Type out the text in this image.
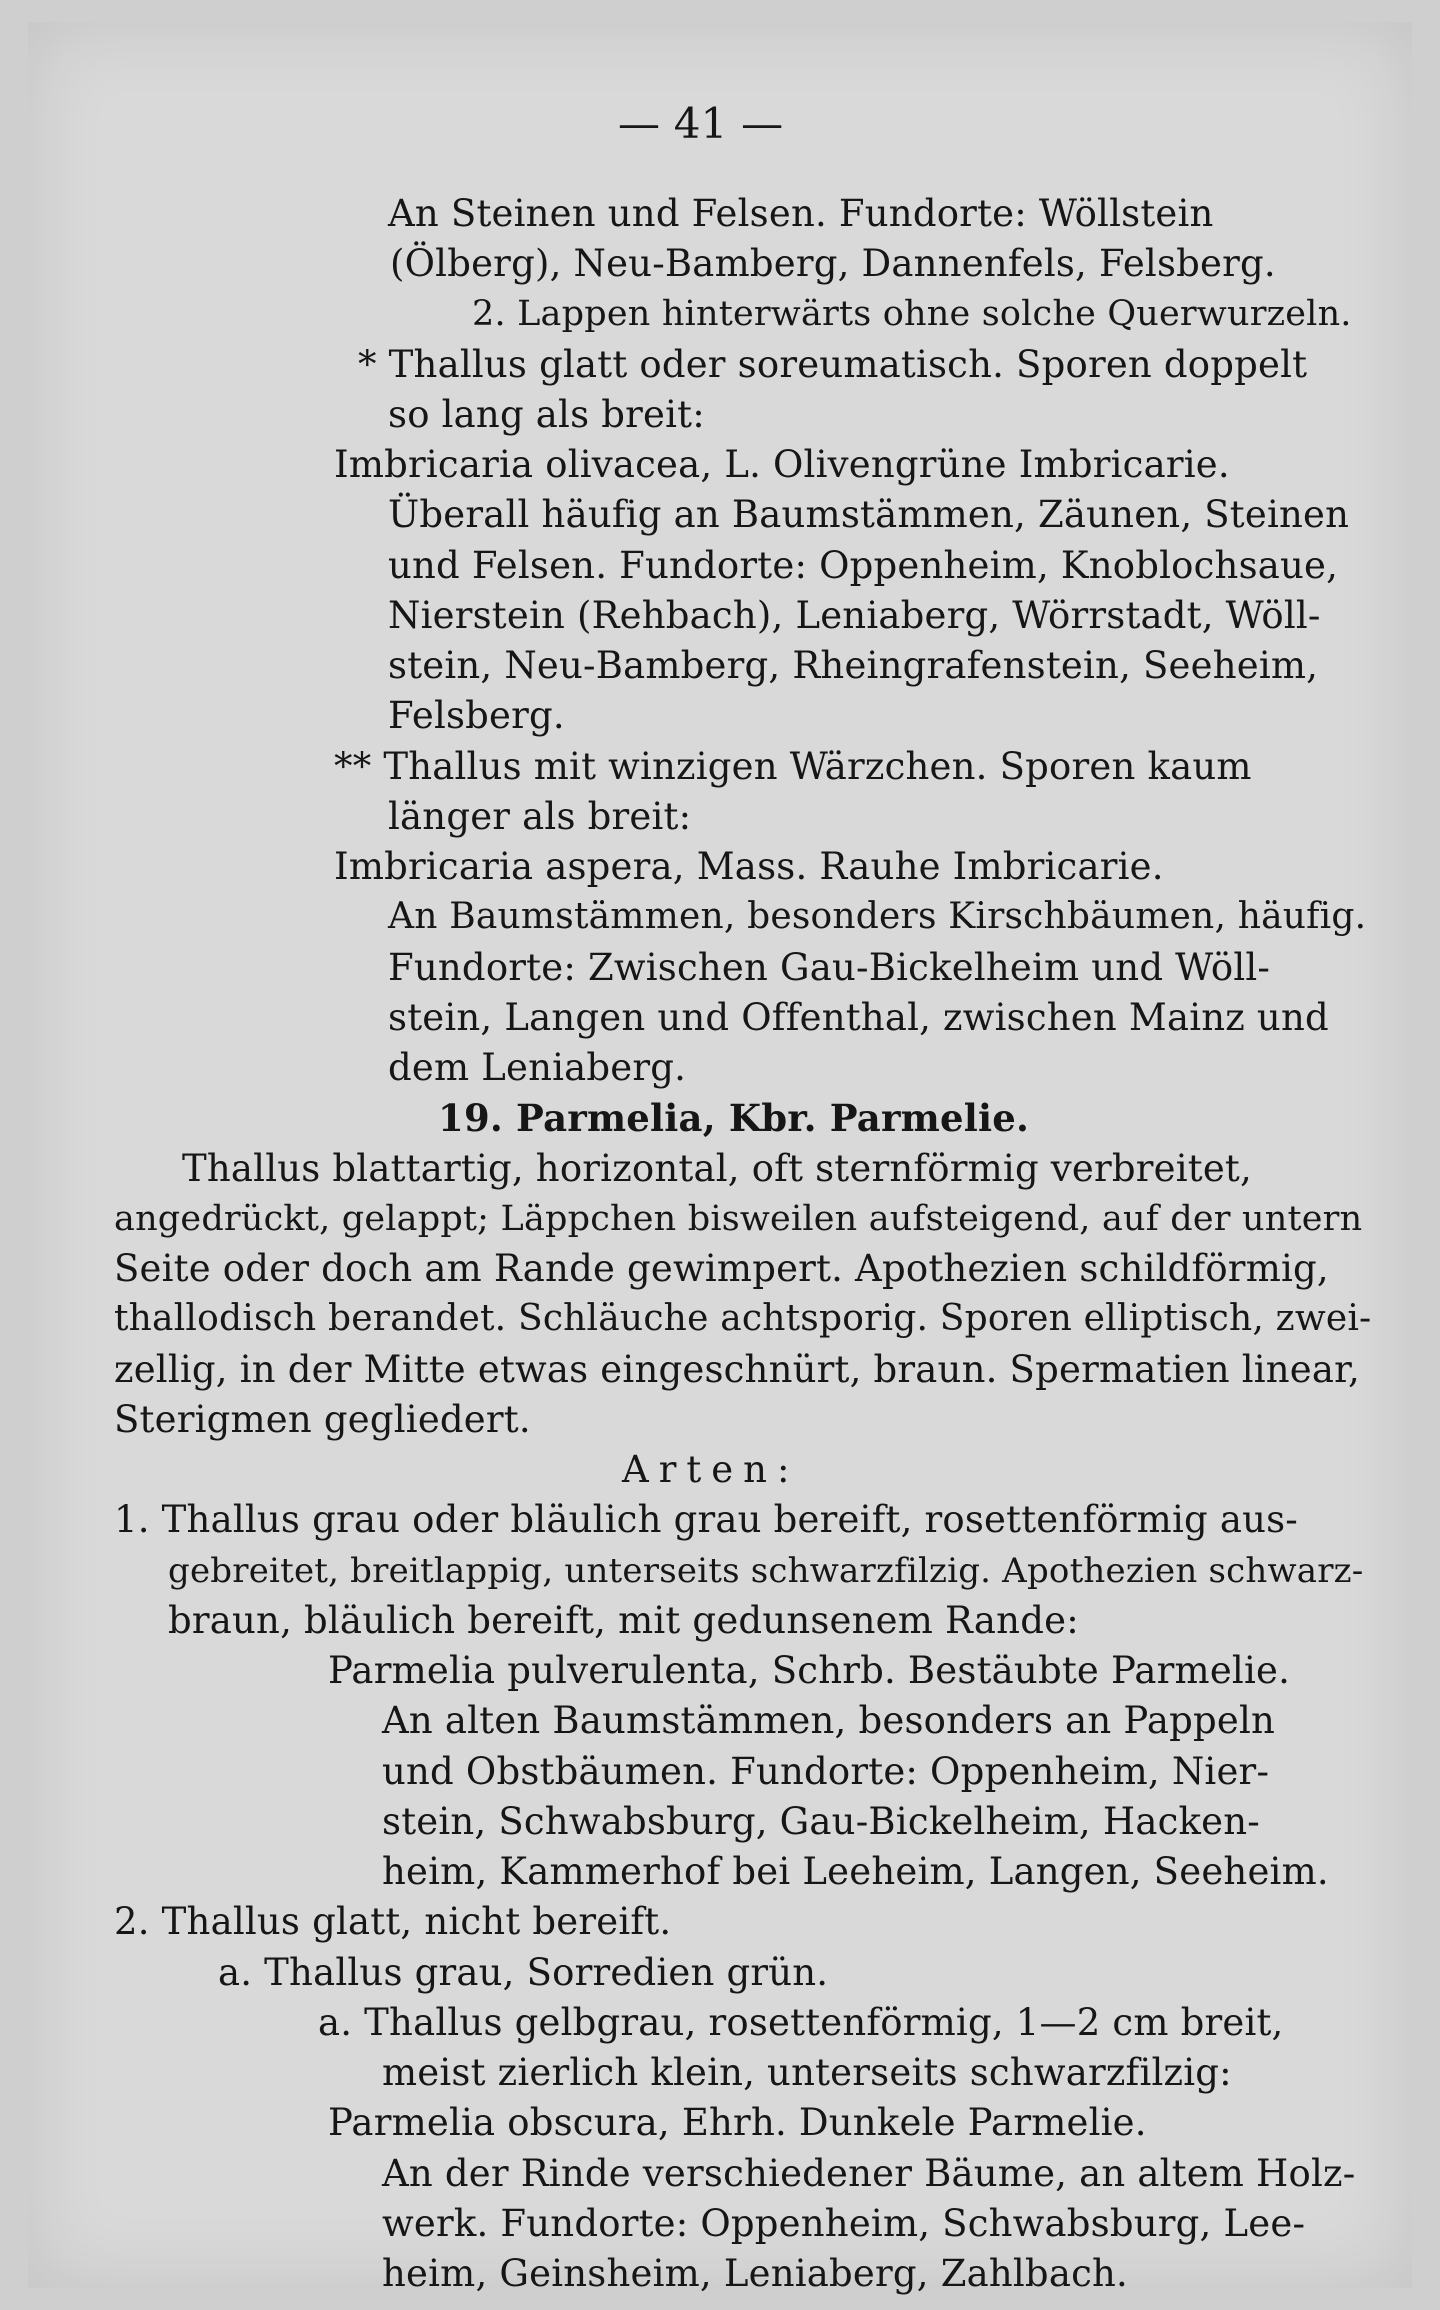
— 41 —
An Steinen und Felsen. Fundorte: Wöllstein
(Ölberg), Neu-Bamberg, Dannenfels, Felsberg.
2. Lappen hinterwärts ohne solche Querwurzeln.
* Thallus glatt oder soreumatisch. Sporen doppelt
so lang als breit:
Imbricaria olivacea, L. Olivengrüne Imbricarie.
Überall häufig an Baumstämmen, Zäunen, Steinen
und Felsen. Fundorte: Oppenheim, Knoblochsaue,
Nierstein (Rehbach), Leniaberg, Wörrstadt, Wöll-
stein, Neu-Bamberg, Rheingrafenstein, Seeheim,
Felsberg.
** Thallus mit winzigen Wärzchen. Sporen kaum
länger als breit:
Imbricaria aspera, Mass. Rauhe Imbricarie.
An Baumstämmen, besonders Kirschbäumen, häufig.
Fundorte: Zwischen Gau-Bickelheim und Wöll-
stein, Langen und Offenthal, zwischen Mainz und
dem Leniaberg.
19. Parmelia, Kbr. Parmelie.
Thallus blattartig, horizontal, oft sternförmig verbreitet,
angedrückt, gelappt; Läppchen bisweilen aufsteigend, auf der untern
Seite oder doch am Rande gewimpert. Apothezien schildförmig,
thallodisch berandet. Schläuche achtsporig. Sporen elliptisch, zwei-
zellig, in der Mitte etwas eingeschnürt, braun. Spermatien linear,
Sterigmen gegliedert.
Arten:
1. Thallus grau oder bläulich grau bereift, rosettenförmig aus-
gebreitet, breitlappig, unterseits schwarzfilzig. Apothezien schwarz-
braun, bläulich bereift, mit gedunsenem Rande:
Parmelia pulverulenta, Schrb. Bestäubte Parmelie.
An alten Baumstämmen, besonders an Pappeln
und Obstbäumen. Fundorte: Oppenheim, Nier-
stein, Schwabsburg, Gau-Bickelheim, Hacken-
heim, Kammerhof bei Leeheim, Langen, Seeheim.
2. Thallus glatt, nicht bereift.
a. Thallus grau, Sorredien grün.
a. Thallus gelbgrau, rosettenförmig, 1—2 cm breit,
meist zierlich klein, unterseits schwarzfilzig:
Parmelia obscura, Ehrh. Dunkele Parmelie.
An der Rinde verschiedener Bäume, an altem Holz-
werk. Fundorte: Oppenheim, Schwabsburg, Lee-
heim, Geinsheim, Leniaberg, Zahlbach.
